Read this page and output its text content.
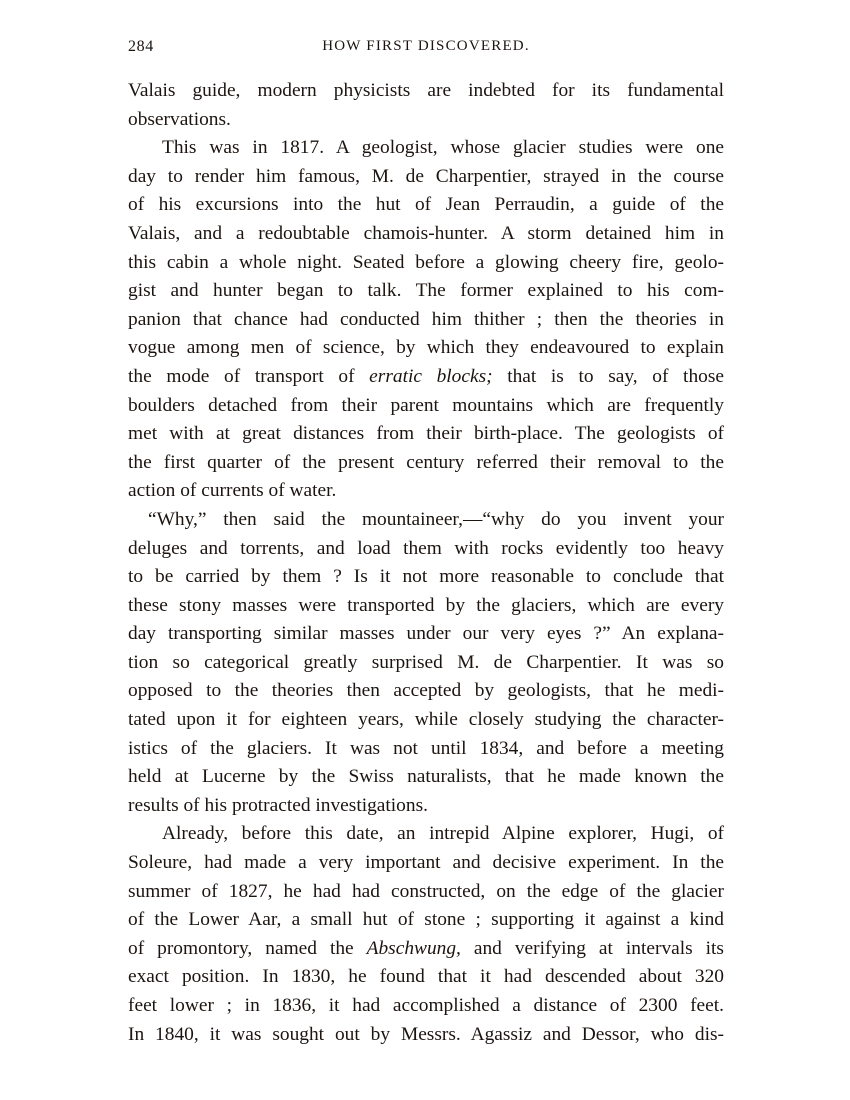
284	HOW FIRST DISCOVERED.

Valais guide, modern physicists are indebted for its fundamental
observations.

This was in 1817. A geologist, whose glacier studies were one
day to render him famous, M. de Charpentier, strayed in the course
of his excursions into the hut of Jean Perraudin, a guide of the
Valais, and a redoubtable chamois-hunter. A storm detained him in
this cabin a whole night. Seated before a glowing cheery fire, geolo-
gist and hunter began to talk. The former explained to his com-
panion that chance had conducted him thither ; then the theories in
vogue among men of science, by which they endeavoured to explain
the mode of transport of erratic blocks; that is to say, of those
boulders detached from their parent mountains which are frequently
met with at great distances from their birth-place. The geologists of
the first quarter of the present century referred their removal to the
action of currents of water.

“Why,” then said the mountaineer,—“why do you invent your
deluges and torrents, and load them with rocks evidently too heavy
to be carried by them ? Is it not more reasonable to conclude that
these stony masses were transported by the glaciers, which are every
day transporting similar masses under our very eyes ?” An explana-
tion so categorical greatly surprised M. de Charpentier. It was so
opposed to the theories then accepted by geologists, that he medi-
tated upon it for eighteen years, while closely studying the character-
istics of the glaciers. It was not until 1834, and before a meeting
held at Lucerne by the Swiss naturalists, that he made known the
results of his protracted investigations.

Already, before this date, an intrepid Alpine explorer, Hugi, of
Soleure, had made a very important and decisive experiment. In the
summer of 1827, he had had constructed, on the edge of the glacier
of the Lower Aar, a small hut of stone ; supporting it against a kind
of promontory, named the Abschwung, and verifying at intervals its
exact position. In 1830, he found that it had descended about 320
feet lower ; in 1836, it had accomplished a distance of 2300 feet.
In 1840, it was sought out by Messrs. Agassiz and Dessor, who dis-
